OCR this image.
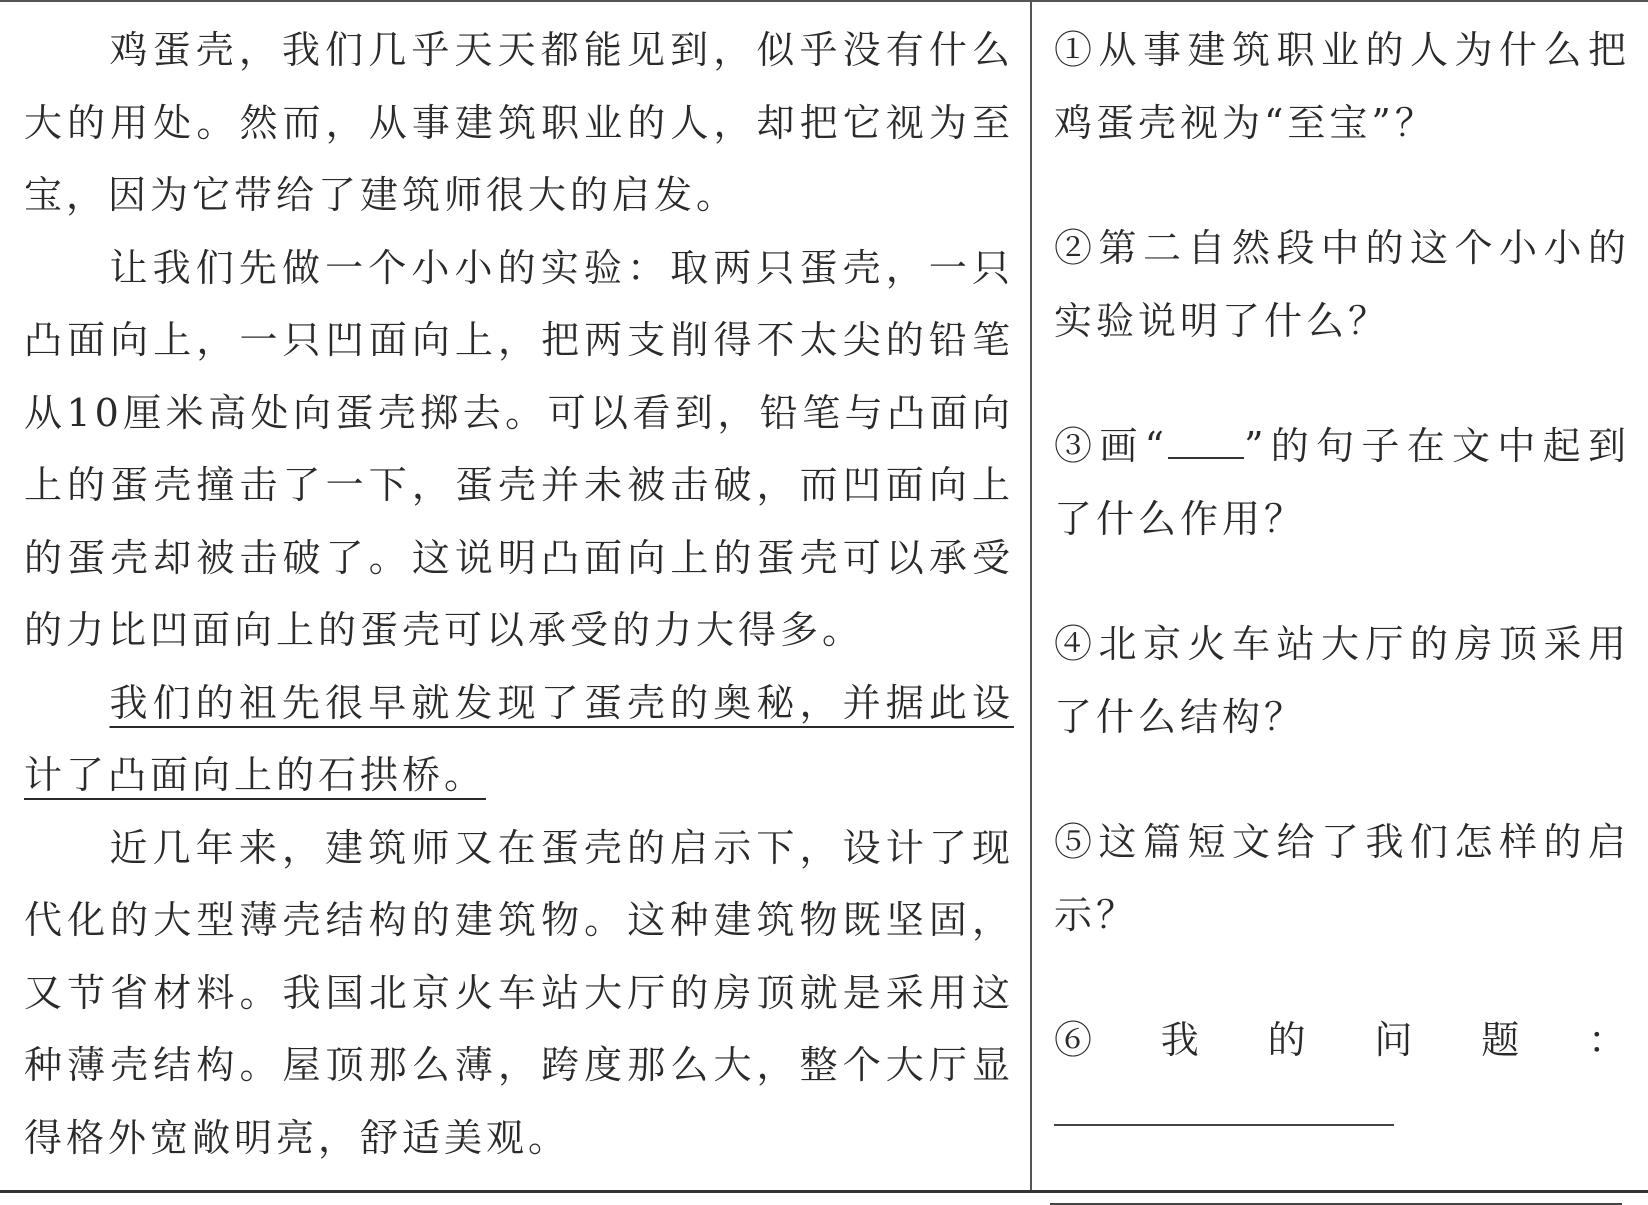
鸡蛋壳，我们几乎天天都能见到，似乎没有什么大的用处。然而，从事建筑职业的人，却把它视为至宝，因为它带给了建筑师很大的启发。

让我们先做一个小小的实验：取两只蛋壳，一只凸面向上，一只凹面向上，把两支削得不太尖的铅笔从10厘米高处向蛋壳掷去。可以看到，铅笔与凸面向上的蛋壳撞击了一下，蛋壳并未被击破，而凹面向上的蛋壳却被击破了。这说明凸面向上的蛋壳可以承受的力比凹面向上的蛋壳可以承受的力大得多。

我们的祖先很早就发现了蛋壳的奥秘，并据此设计了凸面向上的石拱桥。

近几年来，建筑师又在蛋壳的启示下，设计了现代化的大型薄壳结构的建筑物。这种建筑物既坚固，又节省材料。我国北京火车站大厅的房顶就是采用这种薄壳结构。屋顶那么薄，跨度那么大，整个大厅显得格外宽敞明亮，舒适美观。

①从事建筑职业的人为什么把鸡蛋壳视为“至宝”？
②第二自然段中的这个小小的实验说明了什么？
③画“ ”的句子在文中起到了什么作用？
④北京火车站大厅的房顶采用了什么结构？
⑤这篇短文给了我们怎样的启示？
⑥我的问题：
